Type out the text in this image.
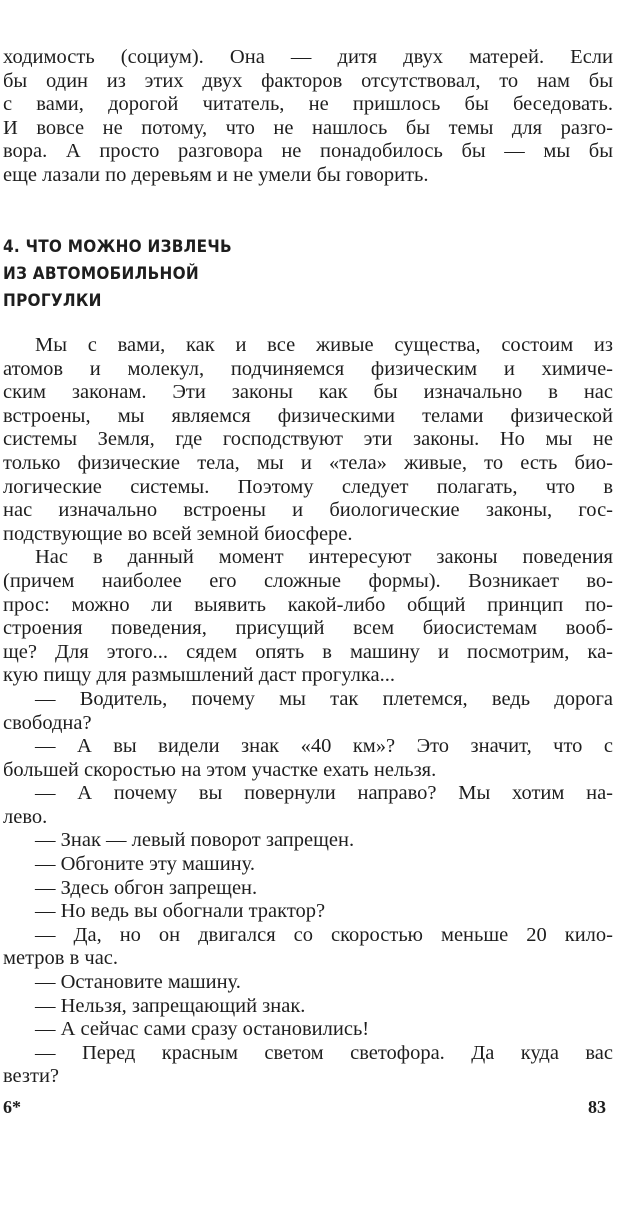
ходимость (социум). Она — дитя двух матерей. Если
бы один из этих двух факторов отсутствовал, то нам бы
с вами, дорогой читатель, не пришлось бы беседовать.
И вовсе не потому, что не нашлось бы темы для разго-
вора. А просто разговора не понадобилось бы — мы бы
еще лазали по деревьям и не умели бы говорить.
4. ЧТО МОЖНО ИЗВЛЕЧЬ
ИЗ АВТОМОБИЛЬНОЙ
ПРОГУЛКИ
Мы с вами, как и все живые существа, состоим из
атомов и молекул, подчиняемся физическим и химиче-
ским законам. Эти законы как бы изначально в нас
встроены, мы являемся физическими телами физической
системы Земля, где господствуют эти законы. Но мы не
только физические тела, мы и «тела» живые, то есть био-
логические системы. Поэтому следует полагать, что в
нас изначально встроены и биологические законы, гос-
подствующие во всей земной биосфере.
Нас в данный момент интересуют законы поведения
(причем наиболее его сложные формы). Возникает во-
прос: можно ли выявить какой-либо общий принцип по-
строения поведения, присущий всем биосистемам вооб-
ще? Для этого... сядем опять в машину и посмотрим, ка-
кую пищу для размышлений даст прогулка...
— Водитель, почему мы так плетемся, ведь дорога
свободна?
— А вы видели знак «40 км»? Это значит, что с
большей скоростью на этом участке ехать нельзя.
— А почему вы повернули направо? Мы хотим на-
лево.
— Знак — левый поворот запрещен.
— Обгоните эту машину.
— Здесь обгон запрещен.
— Но ведь вы обогнали трактор?
— Да, но он двигался со скоростью меньше 20 кило-
метров в час.
— Остановите машину.
— Нельзя, запрещающий знак.
— А сейчас сами сразу остановились!
— Перед красным светом светофора. Да куда вас
везти?
6*	83
